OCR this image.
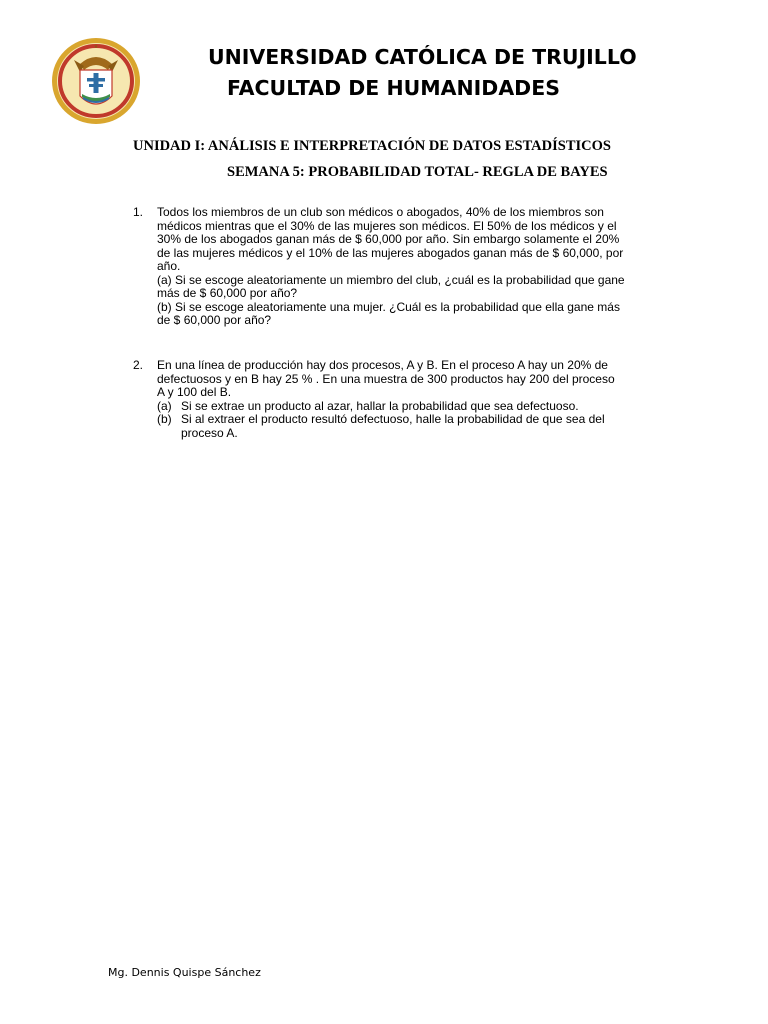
★	UNIVERSIDAD CATÓLICA DE TRUJILLO
FACULTAD DE HUMANIDADES
UNIDAD I: ANÁLISIS E INTERPRETACIÓN DE DATOS ESTADÍSTICOS
SEMANA 5: PROBABILIDAD TOTAL- REGLA DE BAYES
1. Todos los miembros de un club son médicos o abogados, 40% de los miembros son
médicos mientras que el 30% de las mujeres son médicos. El 50% de los médicos y el
30% de los abogados ganan más de $ 60,000 por año. Sin embargo solamente el 20%
de las mujeres médicos y el 10% de las mujeres abogados ganan más de $ 60,000, por
año.
(a) Si se escoge aleatoriamente un miembro del club, ¿cuál es la probabilidad que gane
más de $ 60,000 por año?
(b) Si se escoge aleatoriamente una mujer. ¿Cuál es la probabilidad que ella gane más
de $ 60,000 por año?
2. En una línea de producción hay dos procesos, A y B. En el proceso A hay un 20% de
defectuosos y en B hay 25 % . En una muestra de 300 productos hay 200 del proceso
A y 100 del B.
(a) Si se extrae un producto al azar, hallar la probabilidad que sea defectuoso.
(b) Si al extraer el producto resultó defectuoso, halle la probabilidad de que sea del
proceso A.
Mg. Dennis Quispe Sánchez
